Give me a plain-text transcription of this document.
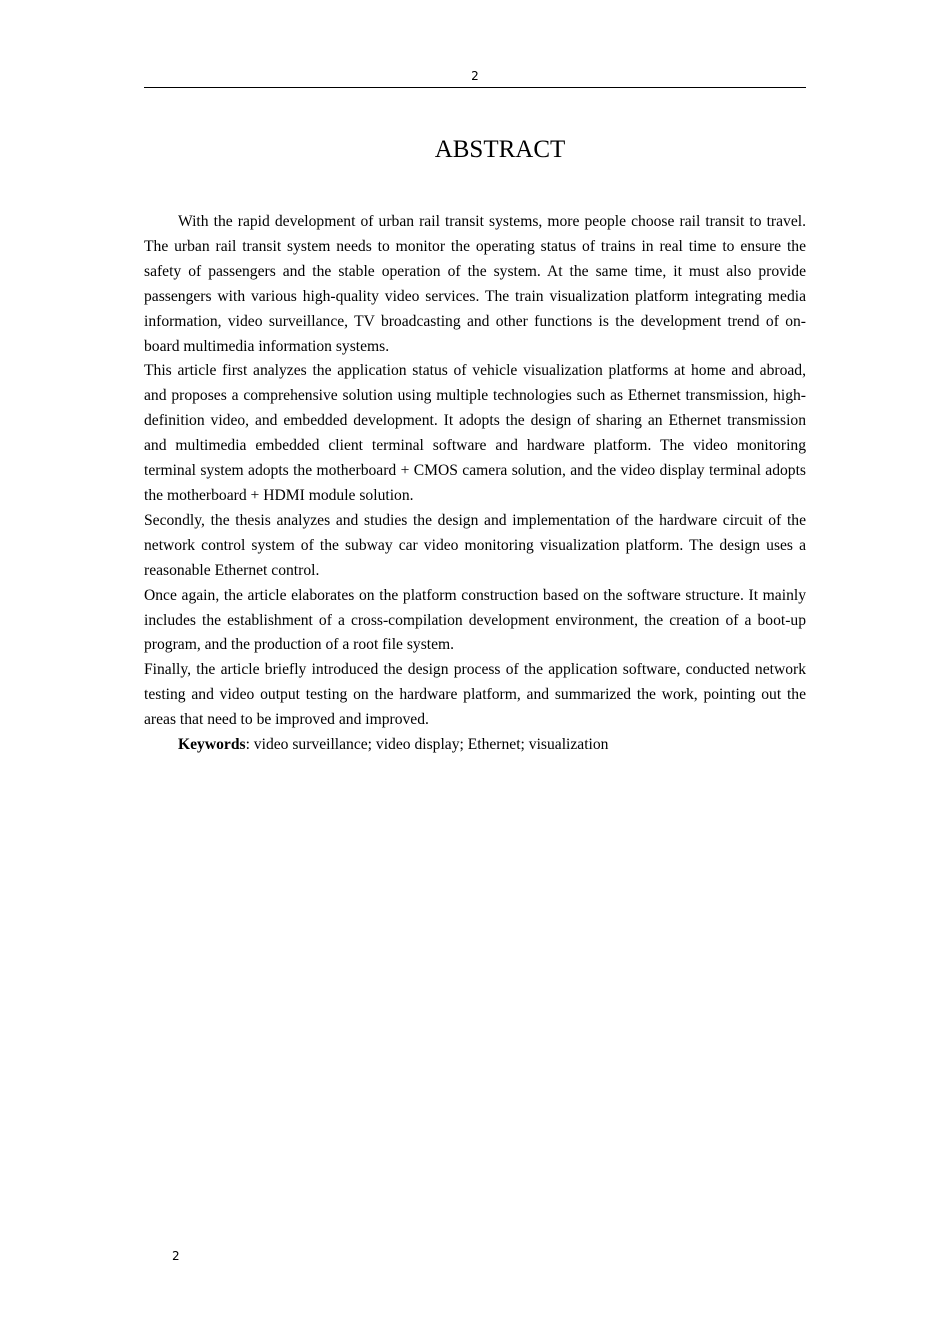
2
ABSTRACT

With the rapid development of urban rail transit systems, more people choose rail transit to travel. The urban rail transit system needs to monitor the operating status of trains in real time to ensure the safety of passengers and the stable operation of the system. At the same time, it must also provide passengers with various high-quality video services. The train visualization platform integrating media information, video surveillance, TV broadcasting and other functions is the development trend of on-board multimedia information systems.

This article first analyzes the application status of vehicle visualization platforms at home and abroad, and proposes a comprehensive solution using multiple technologies such as Ethernet transmission, high-definition video, and embedded development. It adopts the design of sharing an Ethernet transmission and multimedia embedded client terminal software and hardware platform. The video monitoring terminal system adopts the motherboard + CMOS camera solution, and the video display terminal adopts the motherboard + HDMI module solution.

Secondly, the thesis analyzes and studies the design and implementation of the hardware circuit of the network control system of the subway car video monitoring visualization platform. The design uses a reasonable Ethernet control.

Once again, the article elaborates on the platform construction based on the software structure. It mainly includes the establishment of a cross-compilation development environment, the creation of a boot-up program, and the production of a root file system.

Finally, the article briefly introduced the design process of the application software, conducted network testing and video output testing on the hardware platform, and summarized the work, pointing out the areas that need to be improved and improved.

Keywords: video surveillance; video display; Ethernet; visualization

2
